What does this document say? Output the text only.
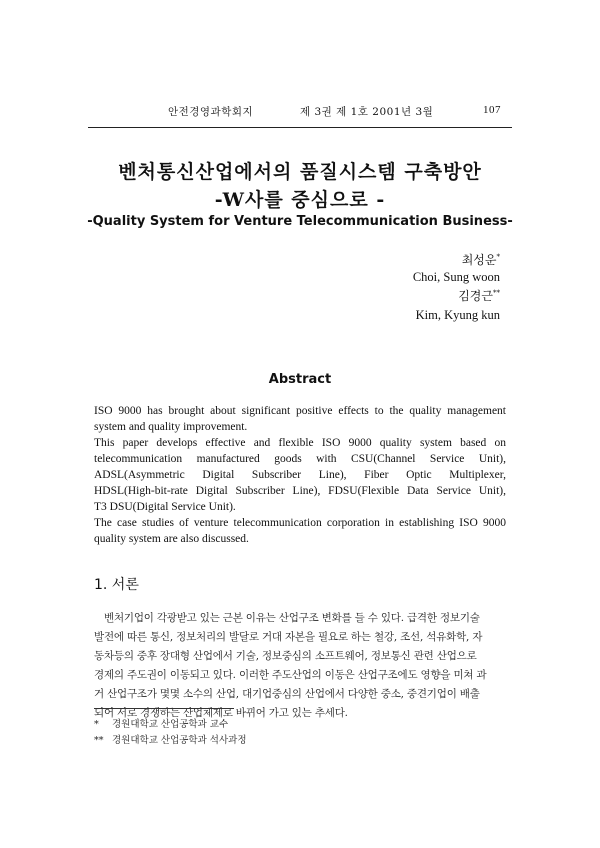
안전경영과학회지	제 3권 제 1호 2001년 3월	107
벤처통신산업에서의 품질시스템 구축방안
-W사를 중심으로 -
-Quality System for Venture Telecommunication Business-
최성운*
Choi, Sung woon
김경근**
Kim, Kyung kun
Abstract
ISO 9000 has brought about significant positive effects to the quality management
system and quality improvement.
This paper develops effective and flexible ISO 9000 quality system based on
telecommunication manufactured goods with CSU(Channel Service Unit),
ADSL(Asymmetric Digital Subscriber Line), Fiber Optic Multiplexer,
HDSL(High-bit-rate Digital Subscriber Line), FDSU(Flexible Data Service Unit),
T3 DSU(Digital Service Unit).
The case studies of venture telecommunication corporation in establishing ISO 9000
quality system are also discussed.
1. 서론
벤처기업이 각광받고 있는 근본 이유는 산업구조 변화를 들 수 있다. 급격한 정보기술
발전에 따른 통신, 정보처리의 발달로 거대 자본을 필요로 하는 철강, 조선, 석유화학, 자
동차등의 중후 장대형 산업에서 기술, 정보중심의 소프트웨어, 정보통신 관련 산업으로
경제의 주도권이 이동되고 있다. 이러한 주도산업의 이동은 산업구조에도 영향을 미쳐 과
거 산업구조가 몇몇 소수의 산업, 대기업중심의 산업에서 다양한 중소, 중견기업이 배출
되어 서로 경쟁하는 산업체제로 바뀌어 가고 있는 추세다.
* 경원대학교 산업공학과 교수
** 경원대학교 산업공학과 석사과정
